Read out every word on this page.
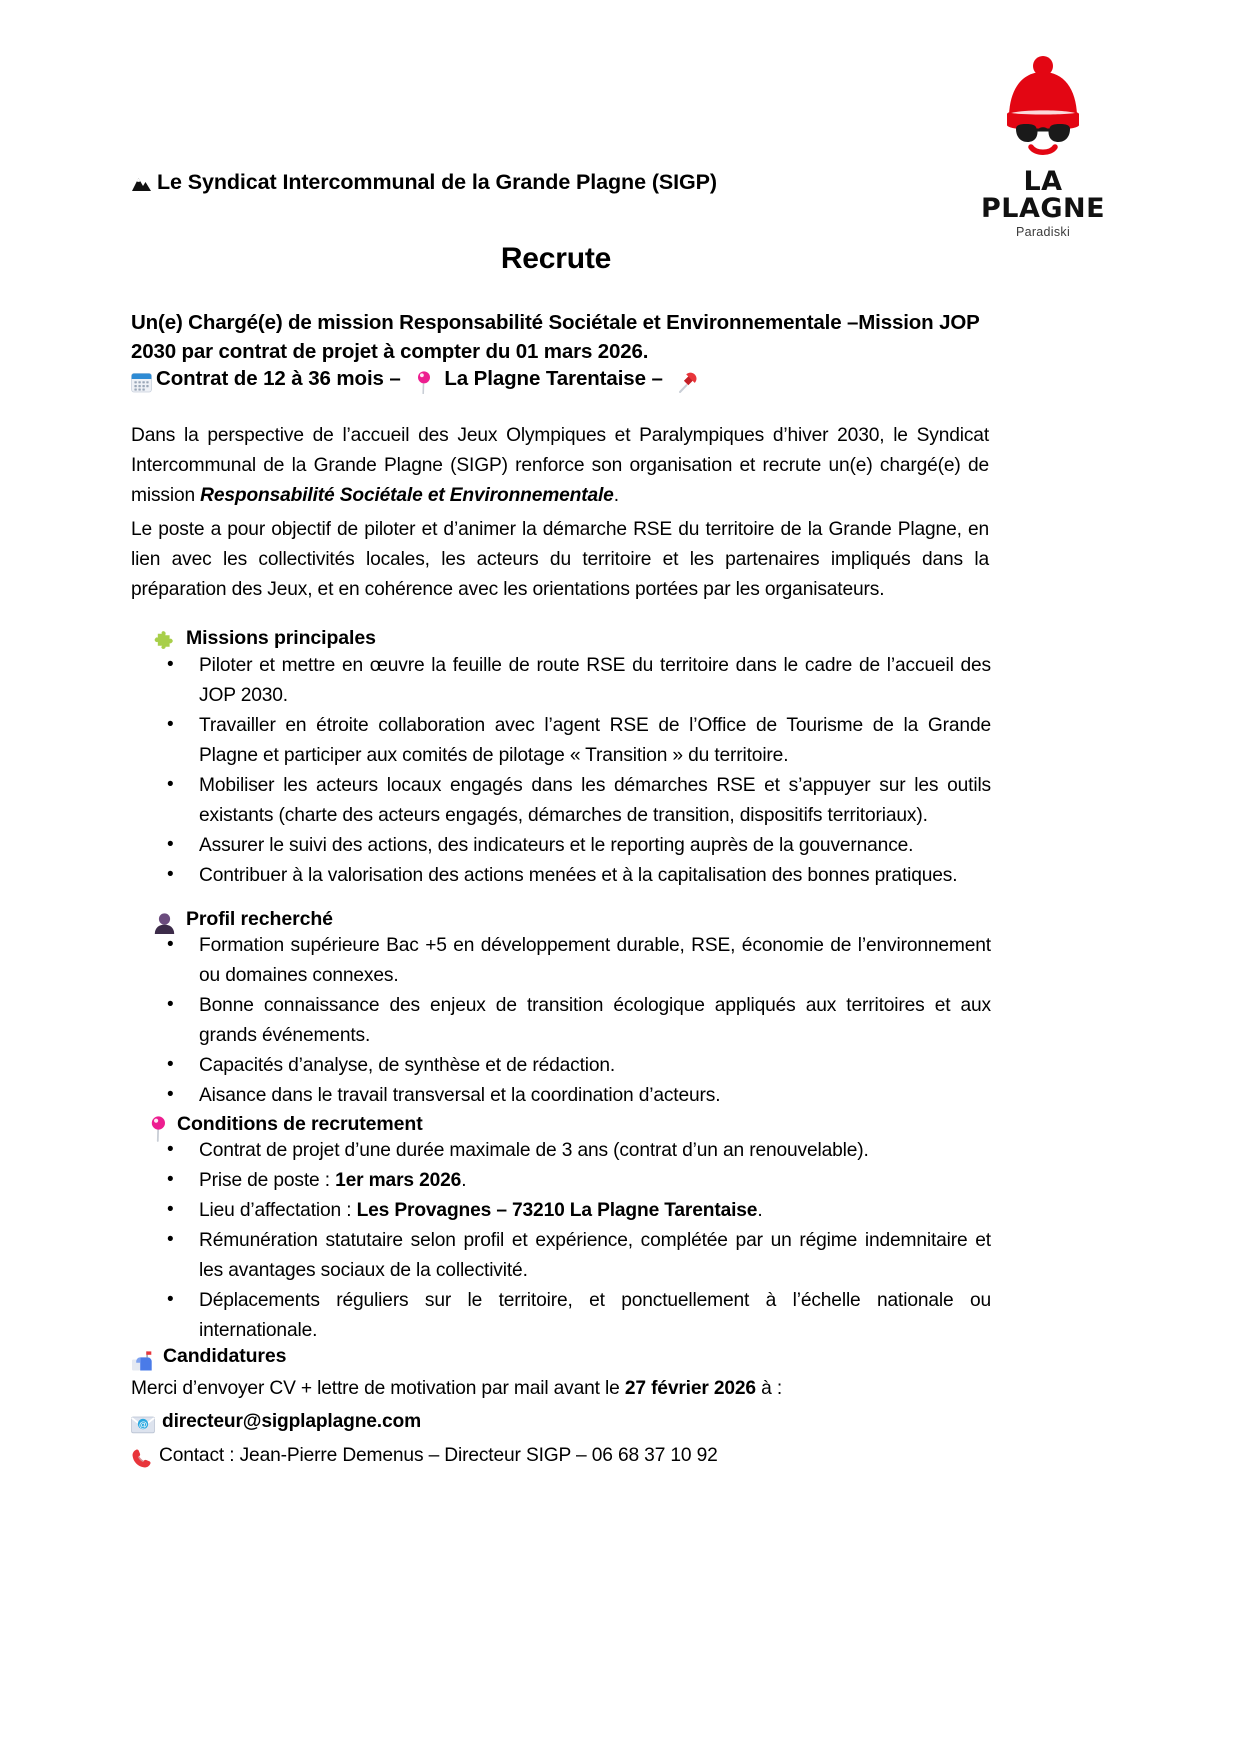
LA PLAGNE
Paradiski
Le Syndicat Intercommunal de la Grande Plagne (SIGP)
Recrute
Un(e) Chargé(e) de mission Responsabilité Sociétale et Environnementale –Mission JOP 2030 par contrat de projet à compter du 01 mars 2026.
Contrat de 12 à 36 mois – La Plagne Tarentaise –
Dans la perspective de l’accueil des Jeux Olympiques et Paralympiques d’hiver 2030, le Syndicat Intercommunal de la Grande Plagne (SIGP) renforce son organisation et recrute un(e) chargé(e) de mission Responsabilité Sociétale et Environnementale.
Le poste a pour objectif de piloter et d’animer la démarche RSE du territoire de la Grande Plagne, en lien avec les collectivités locales, les acteurs du territoire et les partenaires impliqués dans la préparation des Jeux, et en cohérence avec les orientations portées par les organisateurs.
Missions principales
• Piloter et mettre en œuvre la feuille de route RSE du territoire dans le cadre de l’accueil des JOP 2030.
• Travailler en étroite collaboration avec l’agent RSE de l’Office de Tourisme de la Grande Plagne et participer aux comités de pilotage « Transition » du territoire.
• Mobiliser les acteurs locaux engagés dans les démarches RSE et s’appuyer sur les outils existants (charte des acteurs engagés, démarches de transition, dispositifs territoriaux).
• Assurer le suivi des actions, des indicateurs et le reporting auprès de la gouvernance.
• Contribuer à la valorisation des actions menées et à la capitalisation des bonnes pratiques.
Profil recherché
• Formation supérieure Bac +5 en développement durable, RSE, économie de l’environnement ou domaines connexes.
• Bonne connaissance des enjeux de transition écologique appliqués aux territoires et aux grands événements.
• Capacités d’analyse, de synthèse et de rédaction.
• Aisance dans le travail transversal et la coordination d’acteurs.
Conditions de recrutement
• Contrat de projet d’une durée maximale de 3 ans (contrat d’un an renouvelable).
• Prise de poste : 1er mars 2026.
• Lieu d’affectation : Les Provagnes – 73210 La Plagne Tarentaise.
• Rémunération statutaire selon profil et expérience, complétée par un régime indemnitaire et les avantages sociaux de la collectivité.
• Déplacements réguliers sur le territoire, et ponctuellement à l’échelle nationale ou internationale.
Candidatures
Merci d’envoyer CV + lettre de motivation par mail avant le 27 février 2026 à :
@ directeur@sigplaplagne.com
Contact : Jean-Pierre Demenus – Directeur SIGP – 06 68 37 10 92
